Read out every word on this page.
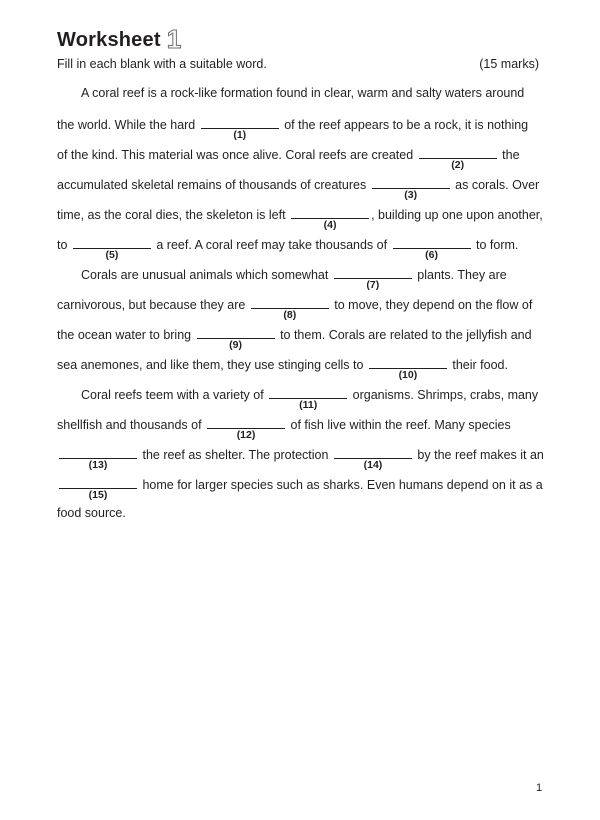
Worksheet 1
Fill in each blank with a suitable word.	(15 marks)
A coral reef is a rock-like formation found in clear, warm and salty waters around
the world. While the hard
(1)
of the reef appears to be a rock, it is nothing
of the kind. This material was once alive. Coral reefs are created
(2)
the
accumulated skeletal remains of thousands of creatures
(3)
as corals. Over
time, as the coral dies, the skeleton is left
(4)
, building up one upon another,
to
(5)
a reef. A coral reef may take thousands of
(6)
to form.
Corals are unusual animals which somewhat
(7)
plants. They are
carnivorous, but because they are
(8)
to move, they depend on the flow of
the ocean water to bring
(9)
to them. Corals are related to the jellyfish and
sea anemones, and like them, they use stinging cells to
(10)
their food.
Coral reefs teem with a variety of
(11)
organisms. Shrimps, crabs, many
shellfish and thousands of
(12)
of fish live within the reef. Many species
(13)
the reef as shelter. The protection
(14)
by the reef makes it an
(15)
home for larger species such as sharks. Even humans depend on it as a
food source.
1
